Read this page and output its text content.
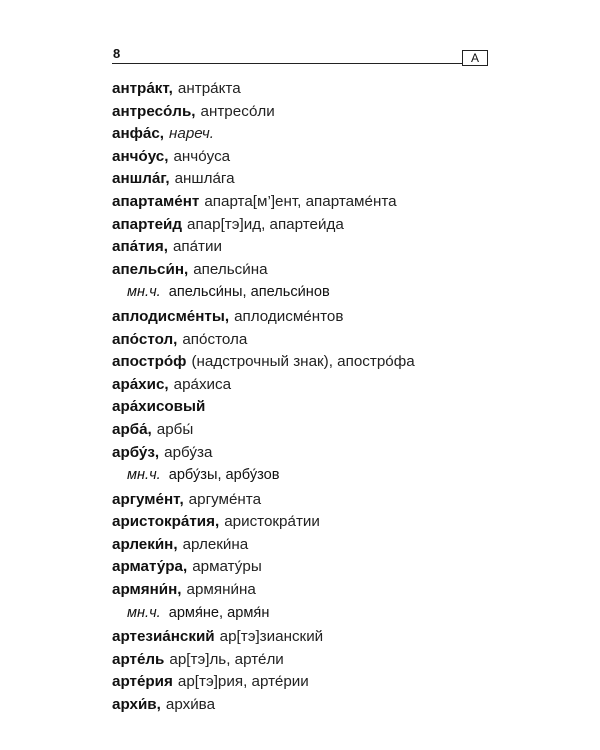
8	А
антра́кт, антра́кта
антресо́ль, антресо́ли
анфа́с, нареч.
анчо́ус, анчо́уса
аншла́г, аншла́га
апартаме́нт апарта[м’]ент, апартаме́нта
апартеи́д апар[тэ]ид, апартеи́да
апа́тия, апа́тии
апельси́н, апельси́на
мн.ч. апельси́ны, апельси́нов
аплодисме́нты, аплодисме́нтов
апо́стол, апо́стола
апостро́ф (надстрочный знак), апостро́фа
ара́хис, ара́хиса
ара́хисовый
арба́, арбы́
арбу́з, арбу́за
мн.ч. арбу́зы, арбу́зов
аргуме́нт, аргуме́нта
аристокра́тия, аристокра́тии
арлеки́н, арлеки́на
армату́ра, армату́ры
армяни́н, армяни́на
мн.ч. армя́не, армя́н
артезиа́нский ар[тэ]зианский
арте́ль ар[тэ]ль, арте́ли
арте́рия ар[тэ]рия, арте́рии
архи́в, архи́ва
